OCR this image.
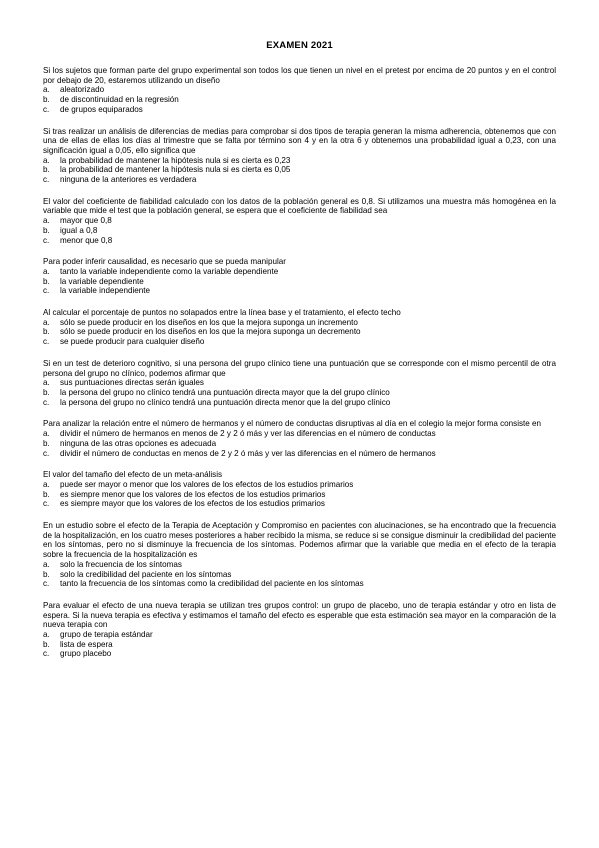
EXAMEN 2021

Si los sujetos que forman parte del grupo experimental son todos los que tienen un nivel en el pretest por encima de 20 puntos y en el control por debajo de 20, estaremos utilizando un diseño

a.	aleatorizado
b.	de discontinuidad en la regresión
c.	de grupos equiparados

Si tras realizar un análisis de diferencias de medias para comprobar si dos tipos de terapia generan la misma adherencia, obtenemos que con una de ellas de ellas los días al trimestre que se falta por término son 4 y en la otra 6 y obtenemos una probabilidad igual a 0,23, con una significación igual a 0,05, ello significa que

a.	la probabilidad de mantener la hipótesis nula si es cierta es 0,23
b.	la probabilidad de mantener la hipótesis nula si es cierta es 0,05
c.	ninguna de la anteriores es verdadera

El valor del coeficiente de fiabilidad calculado con los datos de la población general es 0,8. Si utilizamos una muestra más homogénea en la variable que mide el test que la población general, se espera que el coeficiente de fiabilidad sea

a.	mayor que 0,8
b.	igual a 0,8
c.	menor que 0,8

Para poder inferir causalidad, es necesario que se pueda manipular

a.	tanto la variable independiente como la variable dependiente
b.	la variable dependiente
c.	la variable independiente

Al calcular el porcentaje de puntos no solapados entre la línea base y el tratamiento, el efecto techo

a.	sólo se puede producir en los diseños en los que la mejora suponga un incremento
b.	sólo se puede producir en los diseños en los que la mejora suponga un decremento
c.	se puede producir para cualquier diseño

Si en un test de deterioro cognitivo, si una persona del grupo clínico tiene una puntuación que se corresponde con el mismo percentil de otra persona del grupo no clínico, podemos afirmar que

a.	sus puntuaciones directas serán iguales
b.	la persona del grupo no clínico tendrá una puntuación directa mayor que la del grupo clínico
c.	la persona del grupo no clínico tendrá una puntuación directa menor que la del grupo clínico

Para analizar la relación entre el número de hermanos y el número de conductas disruptivas al día en el colegio la mejor forma consiste en

a.	dividir el número de hermanos en menos de 2 y 2 ó más y ver las diferencias en el número de conductas
b.	ninguna de las otras opciones es adecuada
c.	dividir el número de conductas en menos de 2 y 2 ó más y ver las diferencias en el número de hermanos

El valor del tamaño del efecto de un meta-análisis

a.	puede ser mayor o menor que los valores de los efectos de los estudios primarios
b.	es siempre menor que los valores de los efectos de los estudios primarios
c.	es siempre mayor que los valores de los efectos de los estudios primarios

En un estudio sobre el efecto de la Terapia de Aceptación y Compromiso en pacientes con alucinaciones, se ha encontrado que la frecuencia de la hospitalización, en los cuatro meses posteriores a haber recibido la misma, se reduce si se consigue disminuir la credibilidad del paciente en los síntomas, pero no si disminuye la frecuencia de los síntomas. Podemos afirmar que la variable que media en el efecto de la terapia sobre la frecuencia de la hospitalización es

a.	solo la frecuencia de los síntomas
b.	solo la credibilidad del paciente en los síntomas
c.	tanto la frecuencia de los síntomas como la credibilidad del paciente en los síntomas

Para evaluar el efecto de una nueva terapia se utilizan tres grupos control: un grupo de placebo, uno de terapia estándar y otro en lista de espera. Si la nueva terapia es efectiva y estimamos el tamaño del efecto es esperable que esta estimación sea mayor en la comparación de la nueva terapia con

a.	grupo de terapia estándar
b.	lista de espera
c.	grupo placebo
